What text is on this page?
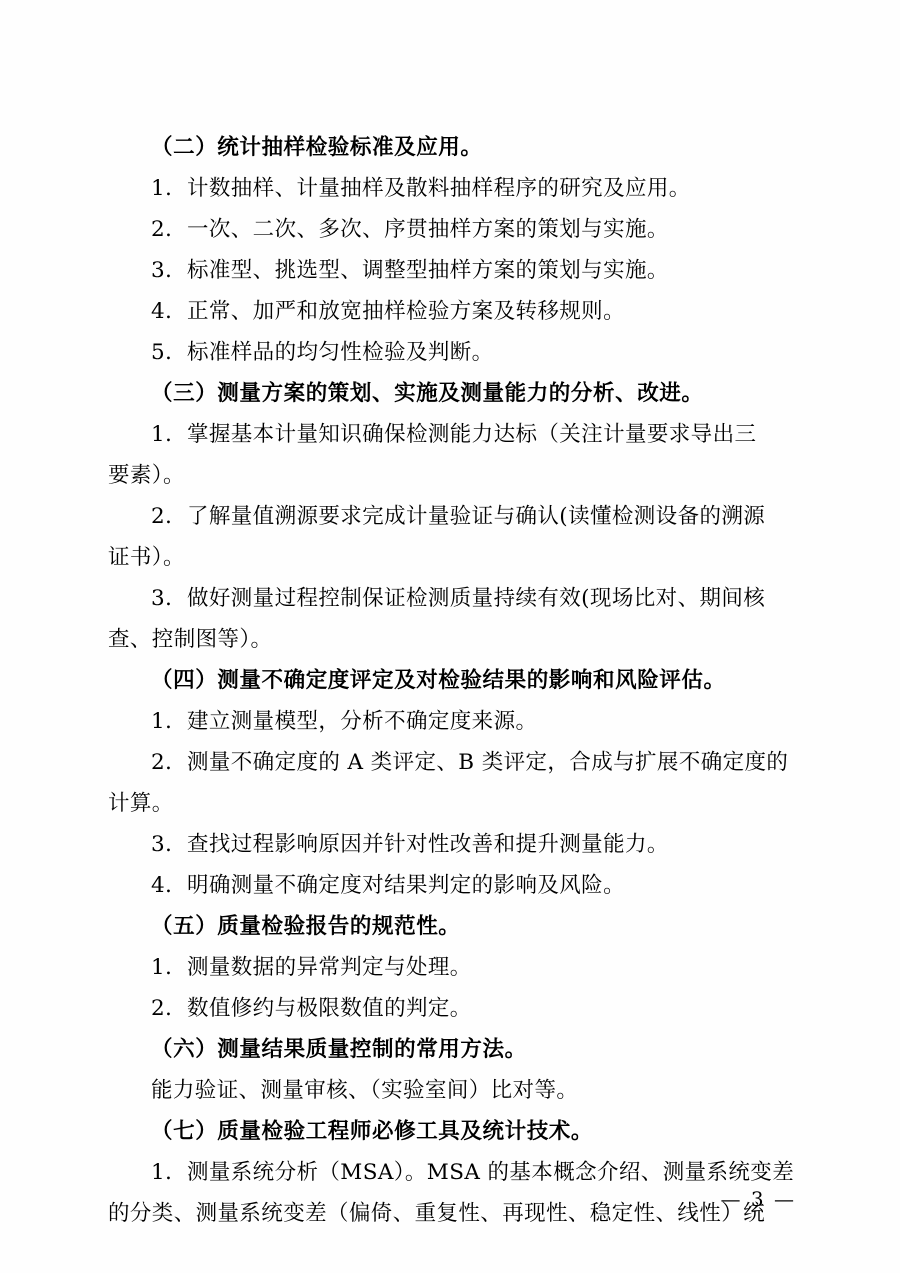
（二）统计抽样检验标准及应用。

1．计数抽样、计量抽样及散料抽样程序的研究及应用。

2．一次、二次、多次、序贯抽样方案的策划与实施。

3．标准型、挑选型、调整型抽样方案的策划与实施。

4．正常、加严和放宽抽样检验方案及转移规则。

5．标准样品的均匀性检验及判断。

（三）测量方案的策划、实施及测量能力的分析、改进。

1．掌握基本计量知识确保检测能力达标（关注计量要求导出三

要素）。

2．了解量值溯源要求完成计量验证与确认(读懂检测设备的溯源

证书）。

3．做好测量过程控制保证检测质量持续有效(现场比对、期间核

查、控制图等）。

（四）测量不确定度评定及对检验结果的影响和风险评估。

1．建立测量模型，分析不确定度来源。

2．测量不确定度的 A 类评定、B 类评定，合成与扩展不确定度的

计算。

3．查找过程影响原因并针对性改善和提升测量能力。

4．明确测量不确定度对结果判定的影响及风险。

（五）质量检验报告的规范性。

1．测量数据的异常判定与处理。

2．数值修约与极限数值的判定。

（六）测量结果质量控制的常用方法。

能力验证、测量审核、（实验室间）比对等。

（七）质量检验工程师必修工具及统计技术。

1．测量系统分析（MSA）。MSA 的基本概念介绍、测量系统变差

的分类、测量系统变差（偏倚、重复性、再现性、稳定性、线性）统

— 3 —
